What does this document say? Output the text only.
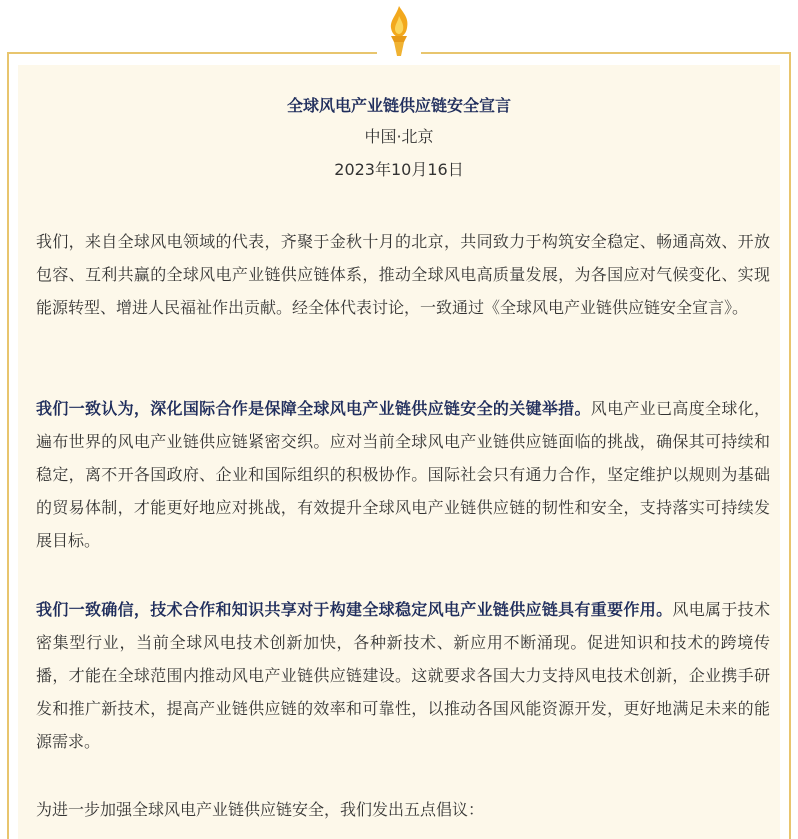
全球风电产业链供应链安全宣言
中国·北京
2023年10月16日

我们，来自全球风电领域的代表，齐聚于金秋十月的北京，共同致力于构筑安全稳定、畅通高效、开放包容、互利共赢的全球风电产业链供应链体系，推动全球风电高质量发展，为各国应对气候变化、实现能源转型、增进人民福祉作出贡献。经全体代表讨论，一致通过《全球风电产业链供应链安全宣言》。

我们一致认为，深化国际合作是保障全球风电产业链供应链安全的关键举措。风电产业已高度全球化，遍布世界的风电产业链供应链紧密交织。应对当前全球风电产业链供应链面临的挑战，确保其可持续和稳定，离不开各国政府、企业和国际组织的积极协作。国际社会只有通力合作，坚定维护以规则为基础的贸易体制，才能更好地应对挑战，有效提升全球风电产业链供应链的韧性和安全，支持落实可持续发展目标。

我们一致确信，技术合作和知识共享对于构建全球稳定风电产业链供应链具有重要作用。风电属于技术密集型行业，当前全球风电技术创新加快，各种新技术、新应用不断涌现。促进知识和技术的跨境传播，才能在全球范围内推动风电产业链供应链建设。这就要求各国大力支持风电技术创新，企业携手研发和推广新技术，提高产业链供应链的效率和可靠性，以推动各国风能资源开发，更好地满足未来的能源需求。

为进一步加强全球风电产业链供应链安全，我们发出五点倡议：
